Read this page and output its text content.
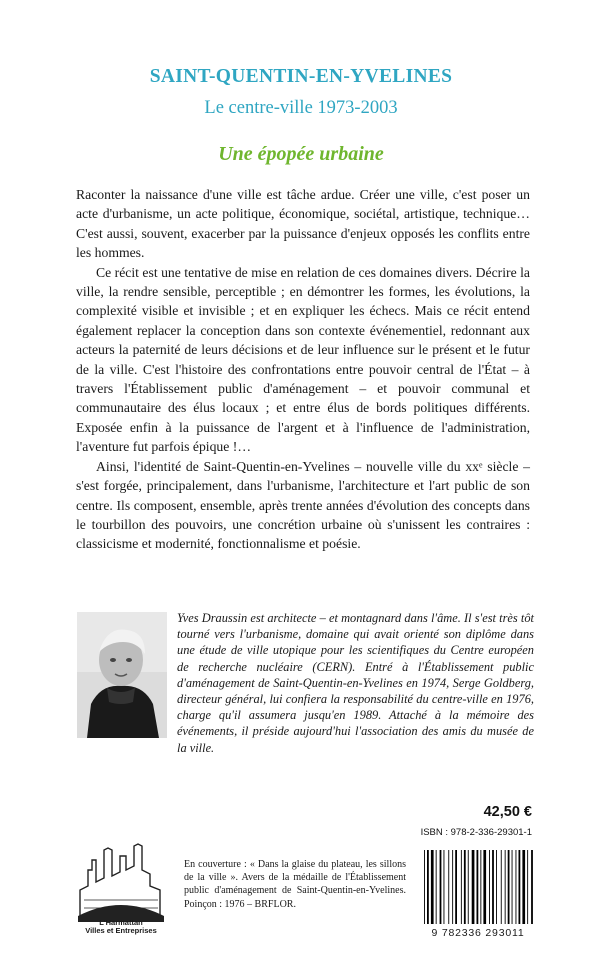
SAINT-QUENTIN-EN-YVELINES
Le centre-ville 1973-2003
Une épopée urbaine

Raconter la naissance d'une ville est tâche ardue. Créer une ville, c'est poser un acte d'urbanisme, un acte politique, économique, sociétal, artistique, technique… C'est aussi, souvent, exacerber par la puissance d'enjeux opposés les conflits entre les hommes.

Ce récit est une tentative de mise en relation de ces domaines divers. Décrire la ville, la rendre sensible, perceptible ; en démontrer les formes, les évolutions, la complexité visible et invisible ; et en expliquer les échecs. Mais ce récit entend également replacer la conception dans son contexte événementiel, redonnant aux acteurs la paternité de leurs décisions et de leur influence sur le présent et le futur de la ville. C'est l'histoire des confrontations entre pouvoir central de l'État – à travers l'Établissement public d'aménagement – et pouvoir communal et communautaire des élus locaux ; et entre élus de bords politiques différents. Exposée enfin à la puissance de l'argent et à l'influence de l'administration, l'aventure fut parfois épique !…

Ainsi, l'identité de Saint-Quentin-en-Yvelines – nouvelle ville du xxᵉ siècle – s'est forgée, principalement, dans l'urbanisme, l'architecture et l'art public de son centre. Ils composent, ensemble, après trente années d'évolution des concepts dans le tourbillon des pouvoirs, une concrétion urbaine où s'unissent les contraires : classicisme et modernité, fonctionnalisme et poésie.

Yves Draussin est architecte – et montagnard dans l'âme. Il s'est très tôt tourné vers l'urbanisme, domaine qui avait orienté son diplôme dans une étude de ville utopique pour les scientifiques du Centre européen de recherche nucléaire (CERN). Entré à l'Établissement public d'aménagement de Saint-Quentin-en-Yvelines en 1974, Serge Goldberg, directeur général, lui confiera la responsabilité du centre-ville en 1976, charge qu'il assumera jusqu'en 1989. Attaché à la mémoire des événements, il préside aujourd'hui l'association des amis du musée de la ville.
42,50 €
ISBN : 978-2-336-29301-1
L'Harmattan
Villes et Entreprises
En couverture : « Dans la glaise du plateau, les sillons de la ville ». Avers de la médaille de l'Établissement public d'aménagement de Saint-Quentin-en-Yvelines. Poinçon : 1976 – BRFLOR.
9 782336 293011
